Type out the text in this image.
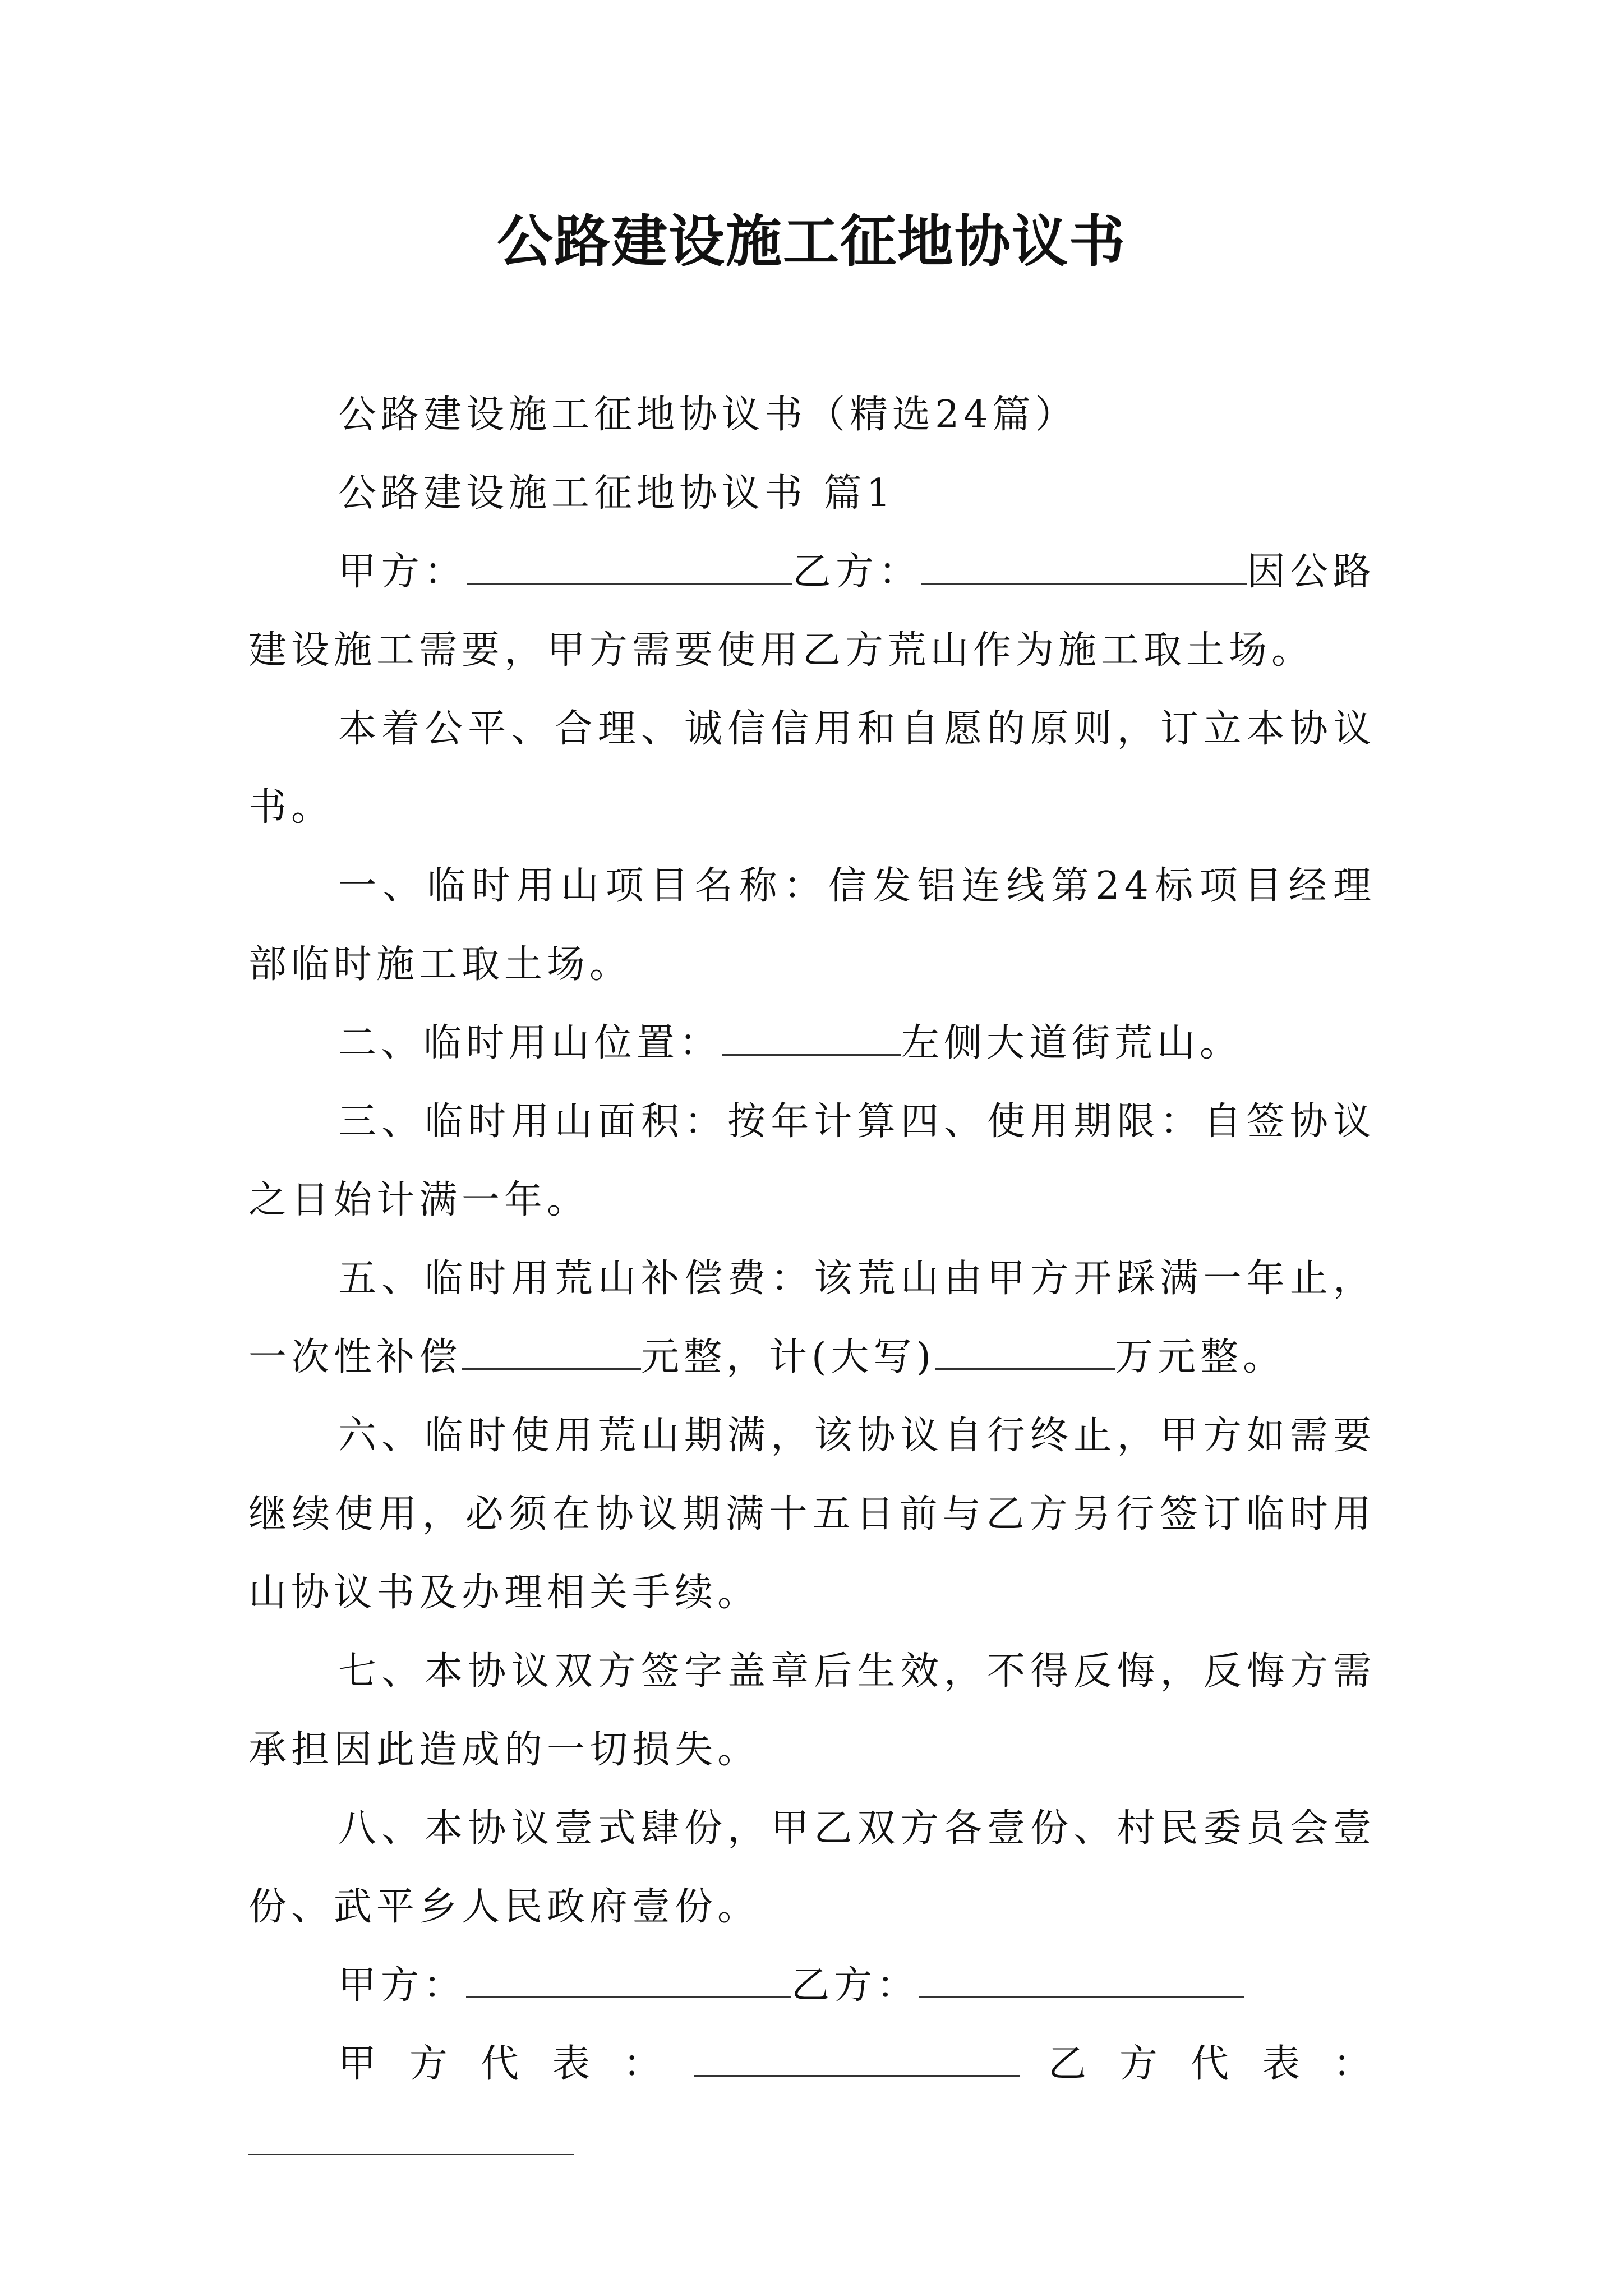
公路建设施工征地协议书

公路建设施工征地协议书（精选24篇）

公路建设施工征地协议书 篇1

甲方：	乙方：	因公路建设施工需要，甲方需要使用乙方荒山作为施工取土场。

本着公平、合理、诚信信用和自愿的原则，订立本协议书。

一、临时用山项目名称：信发铝连线第24标项目经理部临时施工取土场。

二、临时用山位置：	左侧大道街荒山。

三、临时用山面积：按年计算四、使用期限：自签协议之日始计满一年。

五、临时用荒山补偿费：该荒山由甲方开踩满一年止，一次性补偿	元整，计(大写)	万元整。

六、临时使用荒山期满，该协议自行终止，甲方如需要继续使用，必须在协议期满十五日前与乙方另行签订临时用山协议书及办理相关手续。

七、本协议双方签字盖章后生效，不得反悔，反悔方需承担因此造成的一切损失。

八、本协议壹式肆份，甲乙双方各壹份、村民委员会壹份、武平乡人民政府壹份。

甲方：	乙方：

甲方代表：	乙方代表：
